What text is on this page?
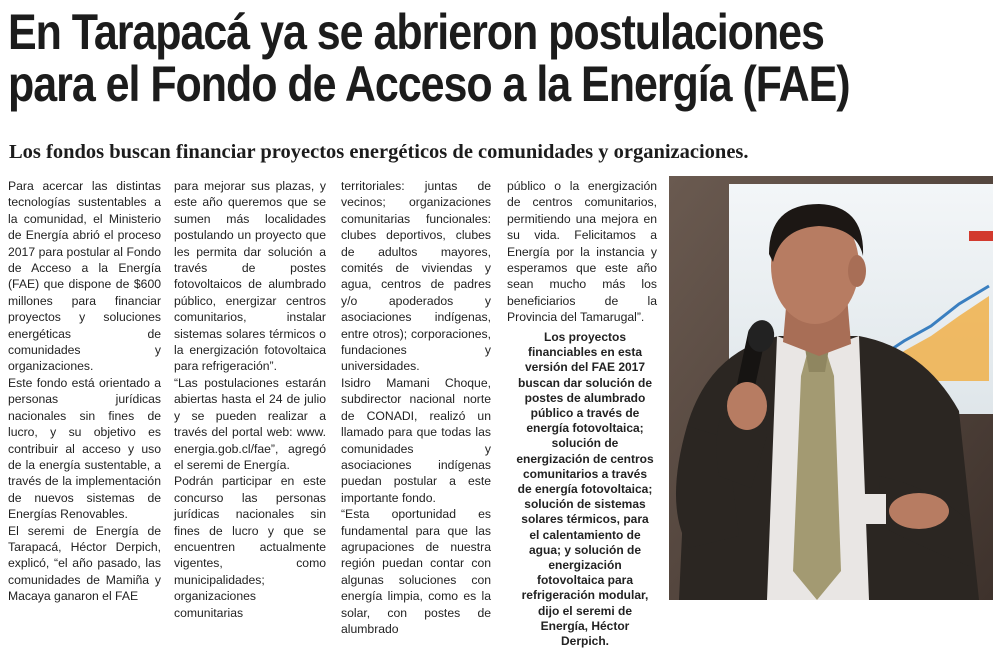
En Tarapacá ya se abrieron postulaciones
para el Fondo de Acceso a la Energía (FAE)
Los fondos buscan financiar proyectos energéticos de comunidades y organizaciones.

Para acercar las distintas tecnologías sustentables a la comunidad, el Ministerio de Energía abrió el proceso 2017 para postular al Fondo de Acceso a la Energía (FAE) que dispone de $600 millones para financiar proyectos y soluciones energéticas de comunidades y organizaciones.

Este fondo está orientado a personas jurídicas nacionales sin fines de lucro, y su objetivo es contribuir al acceso y uso de la energía sustentable, a través de la implementación de nuevos sistemas de Energías Renovables.

El seremi de Energía de Tarapacá, Héctor Derpich, explicó, “el año pasado, las comunidades de Mamiña y Macaya ganaron el FAE

para mejorar sus plazas, y este año queremos que se sumen más localidades postulando un proyecto que les permita dar solución a través de postes fotovoltaicos de alumbrado público, energizar centros comunitarios, instalar sistemas solares térmicos o la energización fotovoltaica para refrigeración”.

“Las postulaciones estarán abiertas hasta el 24 de julio y se pueden realizar a través del portal web: www. energia.gob.cl/fae”, agregó el seremi de Energía.

Podrán participar en este concurso las personas jurídicas nacionales sin fines de lucro y que se encuentren actualmente vigentes, como municipalidades; organizaciones comunitarias

territoriales: juntas de vecinos; organizaciones comunitarias funcionales: clubes deportivos, clubes de adultos mayores, comités de viviendas y agua, centros de padres y/o apoderados y asociaciones indígenas, entre otros); corporaciones, fundaciones y universidades.

Isidro Mamani Choque, subdirector nacional norte de CONADI, realizó un llamado para que todas las comunidades y asociaciones indígenas puedan postular a este importante fondo.

“Esta oportunidad es fundamental para que las agrupaciones de nuestra región puedan contar con algunas soluciones con energía limpia, como es la solar, con postes de alumbrado

público o la energización de centros comunitarios, permitiendo una mejora en su vida. Felicitamos a Energía por la instancia y esperamos que este año sean mucho más los beneficiarios de la Provincia del Tamarugal”.

Los proyectos financiables en esta versión del FAE 2017 buscan dar solución de postes de alumbrado público a través de energía fotovoltaica; solución de energización de centros comunitarios a través de energía fotovoltaica; solución de sistemas solares térmicos, para el calentamiento de agua; y solución de energización fotovoltaica para refrigeración modular, dijo el seremi de Energía, Héctor Derpich.
